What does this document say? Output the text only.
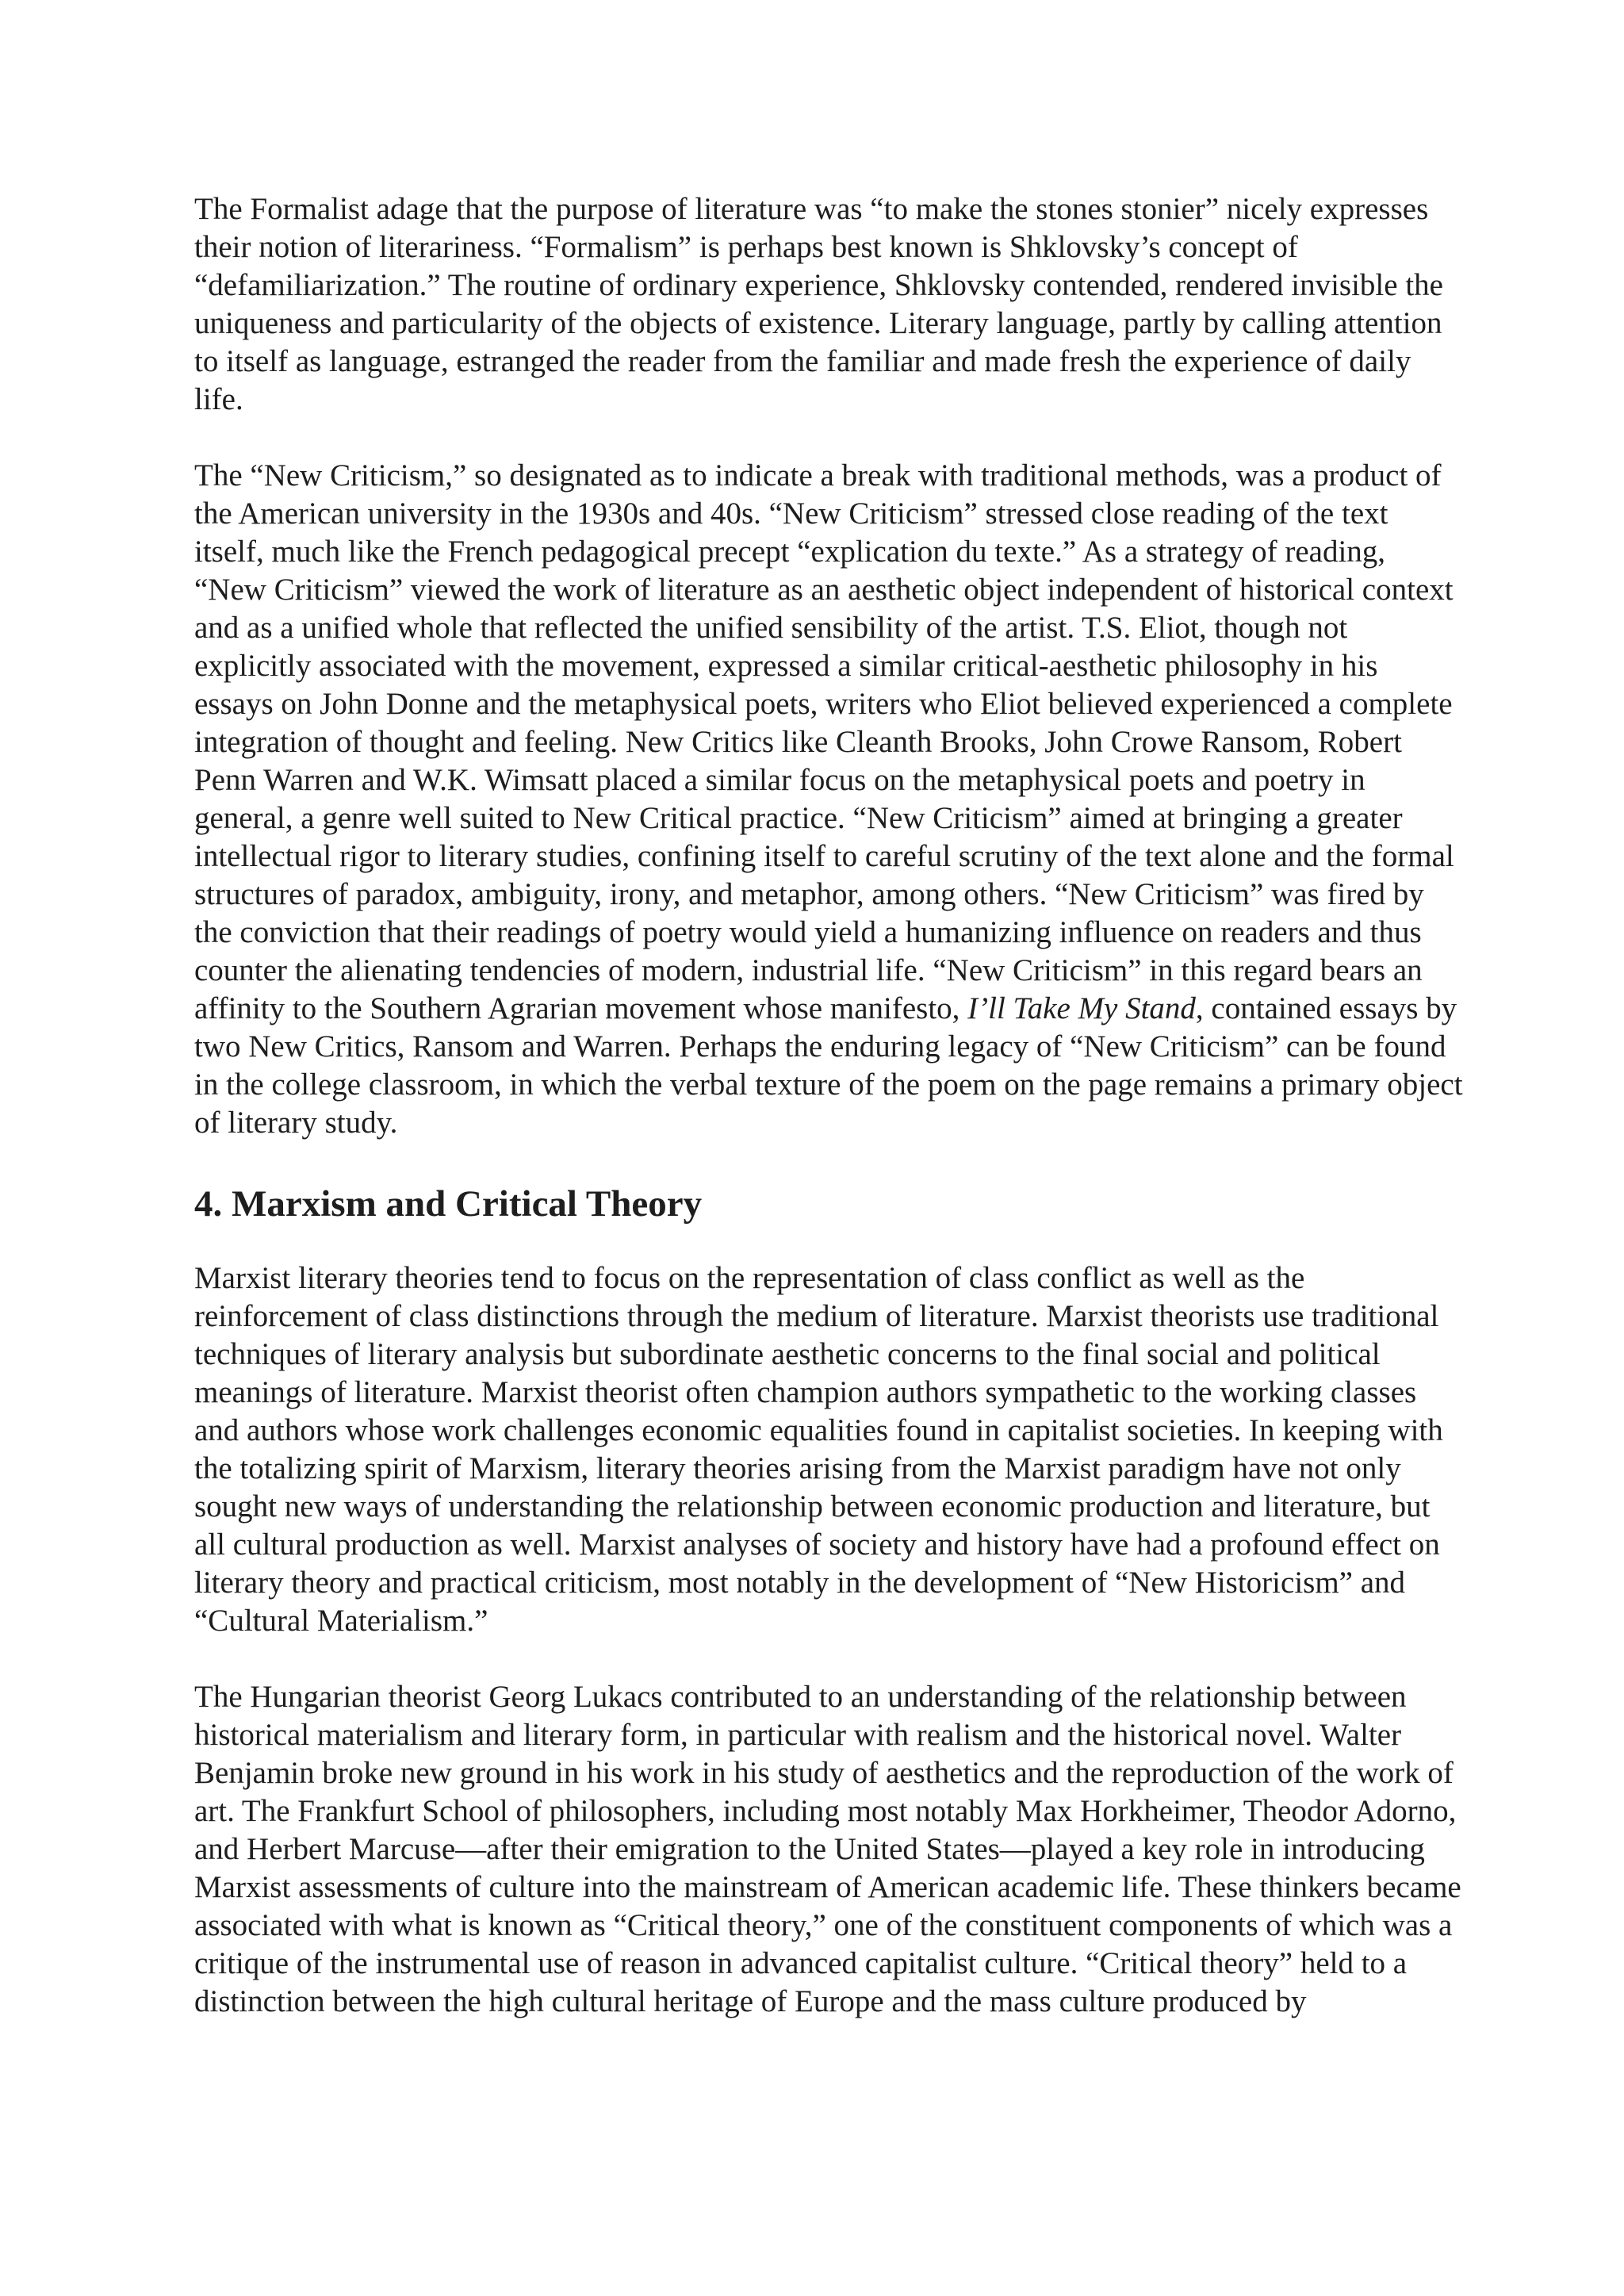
The Formalist adage that the purpose of literature was “to make the stones stonier” nicely expresses their notion of literariness. “Formalism” is perhaps best known is Shklovsky’s concept of “defamiliarization.” The routine of ordinary experience, Shklovsky contended, rendered invisible the uniqueness and particularity of the objects of existence. Literary language, partly by calling attention to itself as language, estranged the reader from the familiar and made fresh the experience of daily life.

The “New Criticism,” so designated as to indicate a break with traditional methods, was a product of the American university in the 1930s and 40s. “New Criticism” stressed close reading of the text itself, much like the French pedagogical precept “explication du texte.” As a strategy of reading, “New Criticism” viewed the work of literature as an aesthetic object independent of historical context and as a unified whole that reflected the unified sensibility of the artist. T.S. Eliot, though not explicitly associated with the movement, expressed a similar critical-aesthetic philosophy in his essays on John Donne and the metaphysical poets, writers who Eliot believed experienced a complete integration of thought and feeling. New Critics like Cleanth Brooks, John Crowe Ransom, Robert Penn Warren and W.K. Wimsatt placed a similar focus on the metaphysical poets and poetry in general, a genre well suited to New Critical practice. “New Criticism” aimed at bringing a greater intellectual rigor to literary studies, confining itself to careful scrutiny of the text alone and the formal structures of paradox, ambiguity, irony, and metaphor, among others. “New Criticism” was fired by the conviction that their readings of poetry would yield a humanizing influence on readers and thus counter the alienating tendencies of modern, industrial life. “New Criticism” in this regard bears an affinity to the Southern Agrarian movement whose manifesto, I’ll Take My Stand, contained essays by two New Critics, Ransom and Warren. Perhaps the enduring legacy of “New Criticism” can be found in the college classroom, in which the verbal texture of the poem on the page remains a primary object of literary study.

4. Marxism and Critical Theory

Marxist literary theories tend to focus on the representation of class conflict as well as the reinforcement of class distinctions through the medium of literature. Marxist theorists use traditional techniques of literary analysis but subordinate aesthetic concerns to the final social and political meanings of literature. Marxist theorist often champion authors sympathetic to the working classes and authors whose work challenges economic equalities found in capitalist societies. In keeping with the totalizing spirit of Marxism, literary theories arising from the Marxist paradigm have not only sought new ways of understanding the relationship between economic production and literature, but all cultural production as well. Marxist analyses of society and history have had a profound effect on literary theory and practical criticism, most notably in the development of “New Historicism” and “Cultural Materialism.”

The Hungarian theorist Georg Lukacs contributed to an understanding of the relationship between historical materialism and literary form, in particular with realism and the historical novel. Walter Benjamin broke new ground in his work in his study of aesthetics and the reproduction of the work of art. The Frankfurt School of philosophers, including most notably Max Horkheimer, Theodor Adorno, and Herbert Marcuse—after their emigration to the United States—played a key role in introducing Marxist assessments of culture into the mainstream of American academic life. These thinkers became associated with what is known as “Critical theory,” one of the constituent components of which was a critique of the instrumental use of reason in advanced capitalist culture. “Critical theory” held to a distinction between the high cultural heritage of Europe and the mass culture produced by
